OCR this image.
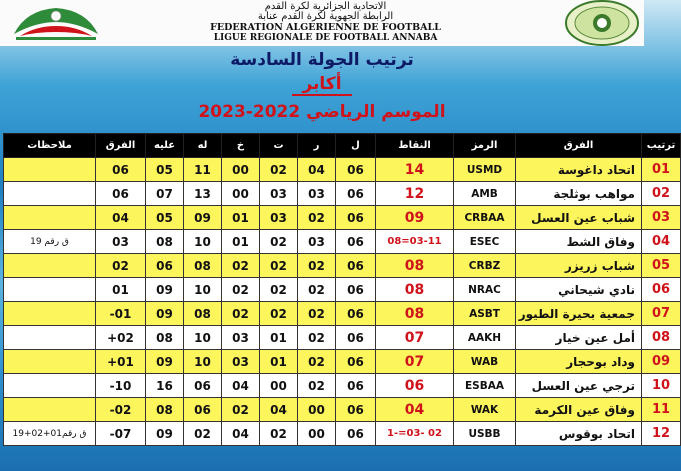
الاتحادية الجزائرية لكرة القدم
الرابطة الجهوية لكرة القدم عنابة
FEDERATION ALGERIENNE DE FOOTBALL
LIGUE REGIONALE DE FOOTBALL ANNABA
ترتيب الجولة السادسة
أكابر
الموسم الرياضي 2022-2023
ملاحظات	الفرق	عليه	له	خ	ت	ر	ل	النقاط	الرمز	الفرق	ترتيب
	06	05	11	00	02	04	06	14	USMD	اتحاد داغوسة	01
	06	07	13	00	03	03	06	12	AMB	مواهب بوثلجة	02
	04	05	09	01	03	02	06	09	CRBAA	شباب عين العسل	03
ق رقم 19	03	08	10	01	02	03	06	08=03-11	ESEC	وفاق الشط	04
	02	06	08	02	02	02	06	08	CRBZ	شباب زريزر	05
	01	09	10	02	02	02	06	08	NRAC	نادي شيحاني	06
	-01	09	08	02	02	02	06	08	ASBT	جمعية بحيرة الطيور	07
	+02	08	10	03	01	02	06	07	AAKH	أمل عين خيار	08
	+01	09	10	03	01	02	06	07	WAB	وداد بوحجار	09
	-10	16	06	04	00	02	06	06	ESBAA	ترجي عين العسل	10
	-02	08	06	02	04	00	06	04	WAK	وفاق عين الكرمة	11
ق رقم01+02+19	-07	09	02	04	02	00	06	1-=03- 02	USBB	اتحاد بوقوس	12
